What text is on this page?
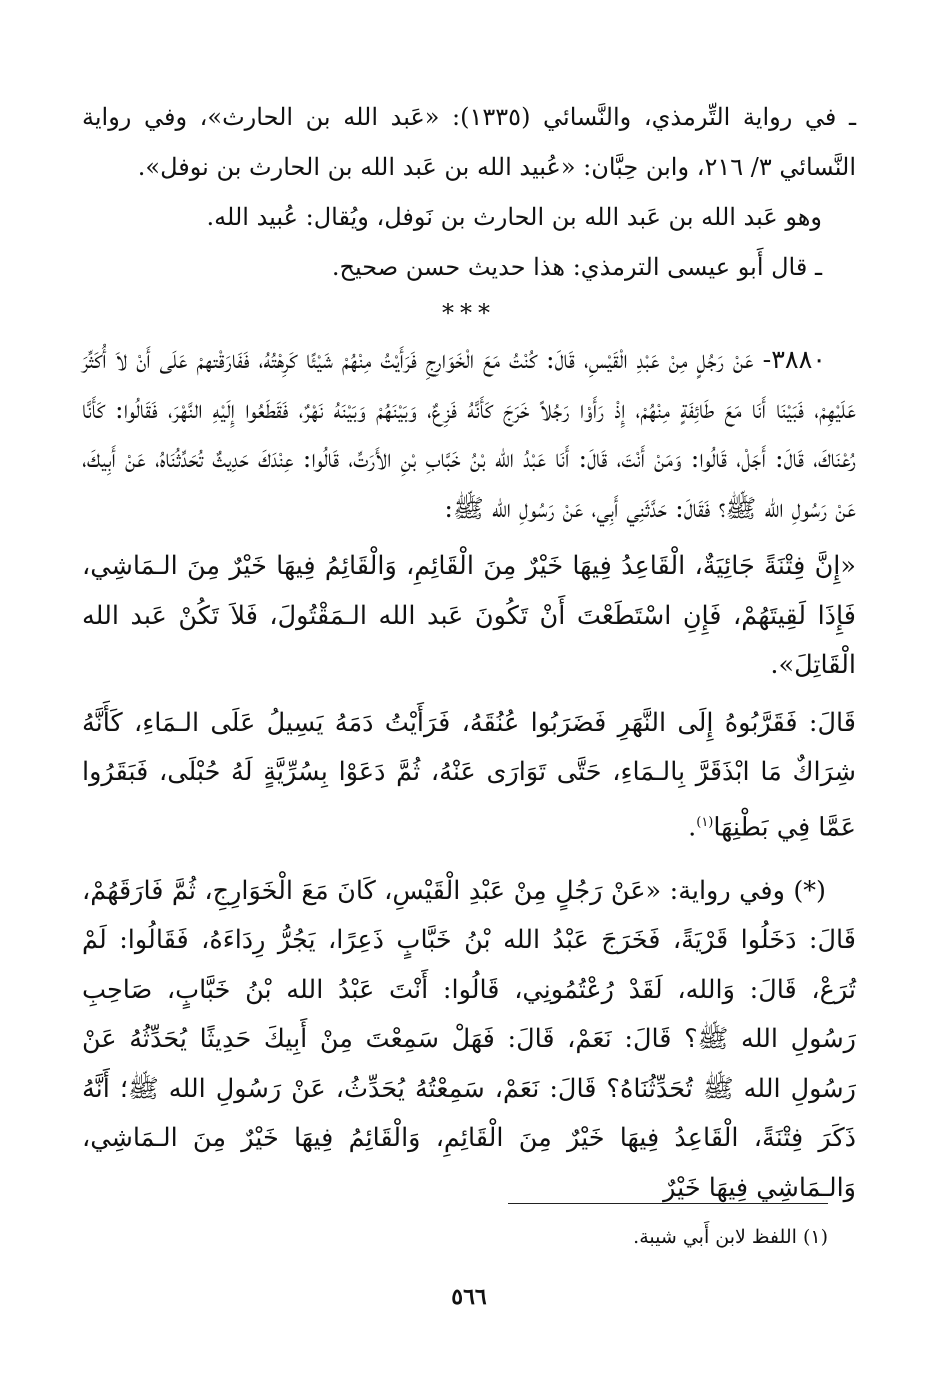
ـ في رواية التِّرمذي، والنَّسائي (١٣٣٥): «عَبد الله بن الحارث»، وفي رواية النَّسائي ٣/ ٢١٦، وابن حِبَّان: «عُبيد الله بن عَبد الله بن الحارث بن نوفل».

وهو عَبد الله بن عَبد الله بن الحارث بن نَوفل، ويُقال: عُبيد الله.

ـ قال أَبو عيسى الترمذي: هذا حديث حسن صحيح.

***

٣٨٨٠- عَنْ رَجُلٍ مِنْ عَبْدِ الْقَيْسِ، قَالَ: كُنْتُ مَعَ الْخَوَارِجِ فَرَأَيْتُ مِنْهُمْ شَيْئًا كَرِهْتُهُ، فَفَارَقْتهمْ عَلَى أَنْ لاَ أُكَثِّرَ عَلَيْهِمْ، فَبَيْنَا أَنَا مَعَ طَائِفَةٍ مِنْهُمْ، إِذْ رَأَوْا رَجُلاً خَرَجَ كَأَنَّهُ فَزِعٌ، وَبَيْنَهُمْ وَبَيْنَهُ نَهْرٌ، فَقَطَعُوا إِلَيْهِ النَّهْرَ، فَقَالُوا: كَأَنَّا رُعْنَاكَ، قَالَ: أَجَلْ، قَالُوا: وَمَنْ أَنْتَ، قَالَ: أَنَا عَبْدُ الله بْنُ خَبَّابِ بْنِ الأَرَتِّ، قَالُوا: عِنْدَكَ حَدِيثٌ تُحَدِّثُنَاهُ، عَنْ أَبِيكَ، عَنْ رَسُولِ الله ﷺ؟ فَقَالَ: حَدَّثَنِي أَبِي، عَنْ رَسُولِ الله ﷺ:

«إِنَّ فِتْنَةً جَائِيَةٌ، الْقَاعِدُ فِيهَا خَيْرٌ مِنَ الْقَائِمِ، وَالْقَائِمُ فِيهَا خَيْرٌ مِنَ الـمَاشِي، فَإِذَا لَقِيتَهُمْ، فَإِنِ اسْتَطَعْتَ أَنْ تَكُونَ عَبد الله الـمَقْتُولَ، فَلاَ تَكُنْ عَبد الله الْقَاتِلَ».

قَالَ: فَقَرَّبُوهُ إِلَى النَّهَرِ فَضَرَبُوا عُنُقَهُ، فَرَأَيْتُ دَمَهُ يَسِيلُ عَلَى الـمَاءِ، كَأَنَّهُ شِرَاكٌ مَا ابْذَقَرَّ بِالـمَاءِ، حَتَّى تَوَارَى عَنْهُ، ثُمَّ دَعَوْا بِسُرِّيَّةٍ لَهُ حُبْلَى، فَبَقَرُوا عَمَّا فِي بَطْنِهَا$^{(١)}$.

(*) وفي رواية: «عَنْ رَجُلٍ مِنْ عَبْدِ الْقَيْسِ، كَانَ مَعَ الْخَوَارِجِ، ثُمَّ فَارَقَهُمْ، قَالَ: دَخَلُوا قَرْيَةً، فَخَرَجَ عَبْدُ الله بْنُ خَبَّابٍ ذَعِرًا، يَجُرُّ رِدَاءَهُ، فَقَالُوا: لَمْ تُرَعْ، قَالَ: وَالله، لَقَدْ رُعْتُمُونِي، قَالُوا: أَنْتَ عَبْدُ الله بْنُ خَبَّابٍ، صَاحِبِ رَسُولِ الله ﷺ؟ قَالَ: نَعَمْ، قَالَ: فَهَلْ سَمِعْتَ مِنْ أَبِيكَ حَدِيثًا يُحَدِّثُهُ عَنْ رَسُولِ الله ﷺ تُحَدِّثُنَاهُ؟ قَالَ: نَعَمْ، سَمِعْتُهُ يُحَدِّثُ، عَنْ رَسُولِ الله ﷺ؛ أَنَّهُ ذَكَرَ فِتْنَةً، الْقَاعِدُ فِيهَا خَيْرٌ مِنَ الْقَائِمِ، وَالْقَائِمُ فِيهَا خَيْرٌ مِنَ الـمَاشِي، وَالـمَاشِي فِيهَا خَيْرٌ

(١) اللفظ لابن أَبي شيبة.
٥٦٦
